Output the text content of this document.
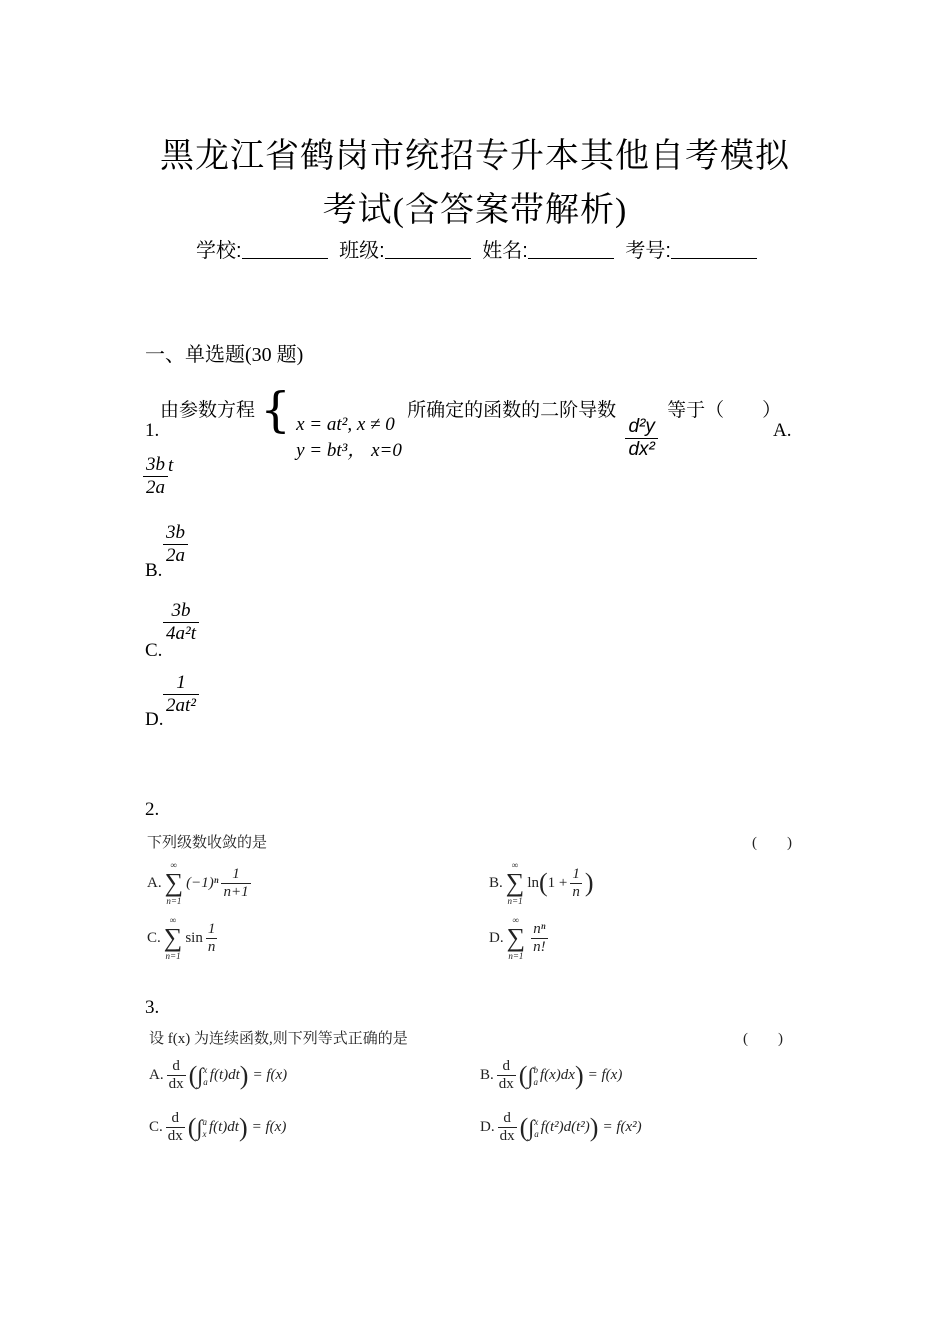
黑龙江省鹤岗市统招专升本其他自考模拟
考试(含答案带解析)
学校:	班级:	姓名:	考号:
一、单选题(30 题)
由参数方程 { x = at², x ≠ 0
y = bt³， x=0
所确定的函数的二阶导数
$\frac{\text{d²y}}{\text{dx²}}$
等于（　　）
1.	A.
$\frac{3b}{2a}$ t
$\frac{3b}{2a}$
B.
$\frac{3b}{\text{4a²t}}$
C.
$\frac{1}{\text{2at²}}$
D.
2.
下列级数收敛的是	(　　)
A.
∞
∑
n=1
$(-1)^n \frac{1}{n+1}$	B.
∞
∑
n=1
ln ( $1 + \frac{1}{n}$ )
C.
∞
∑
n=1
$\sin \frac{1}{n}$	D.
∞
∑
n=1
$\frac{\text{nⁿ}}{n!}$
3.
设 f(x) 为连续函数,则下列等式正确的是	(　　)
A. $\frac{d}{dx}$ ( ∫ x
a f(t)dt ) = f(x)	B. $\frac{d}{dx}$ ( ∫ b
a f(x)dx ) = f(x)
C. $\frac{d}{dx}$ ( ∫ a
x f(t)dt ) = f(x)	D. $\frac{d}{dx}$ ( ∫ x
a f(t²)d(t²) ) = f(x²)
